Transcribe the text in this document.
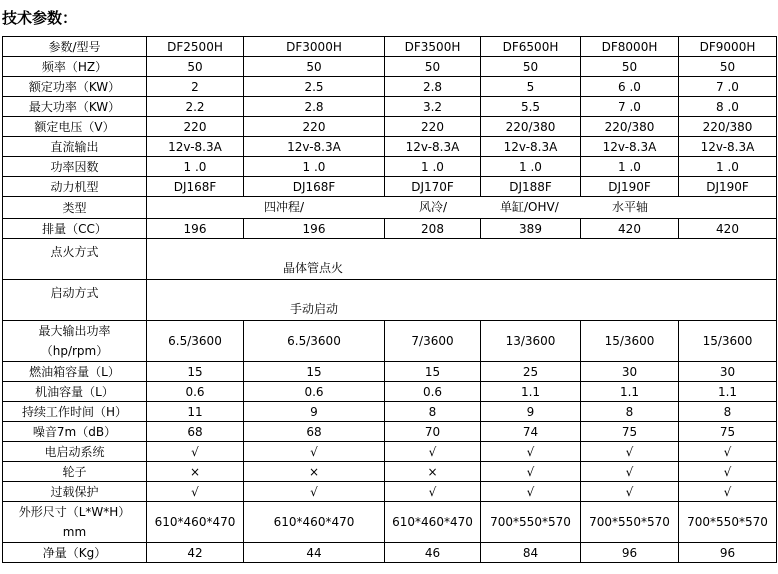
技术参数：
参数/型号	DF2500H	DF3000H	DF3500H	DF6500H	DF8000H	DF9000H
频率（HZ）	50	50	50	50	50	50
额定功率（KW）	2	2.5	2.8	5	6 .0	7 .0
最大功率（KW）	2.2	2.8	3.2	5.5	7 .0	8 .0
额定电压（V）	220	220	220	220/380	220/380	220/380
直流输出	12v-8.3A	12v-8.3A	12v-8.3A	12v-8.3A	12v-8.3A	12v-8.3A
功率因数	1 .0	1 .0	1 .0	1 .0	1 .0	1 .0
动力机型	DJ168F	DJ168F	DJ170F	DJ188F	DJ190F	DJ190F
类型	四冲程/ 风冷/ 单缸/OHV/ 水平轴					

排量（CC）	196	196	208	389	420	420
点火方式	晶体管点火					
启动方式	手动启动					
最大输出功率（hp/rpm）	6.5/3600	6.5/3600	7/3600	13/3600	15/3600	15/3600
燃油箱容量（L）	15	15	15	25	30	30
机油容量（L）	0.6	0.6	0.6	1.1	1.1	1.1
持续工作时间（H）	11	9	8	9	8	8
噪音7m（dB）	68	68	70	74	75	75
电启动系统	√	√	√	√	√	√
轮子	×	×	×	√	√	√
过载保护	√	√	√	√	√	√
外形尺寸（L*W*H）mm	610*460*470	610*460*470	610*460*470	700*550*570	700*550*570	700*550*570
净量（Kg）	42	44	46	84	96	96
